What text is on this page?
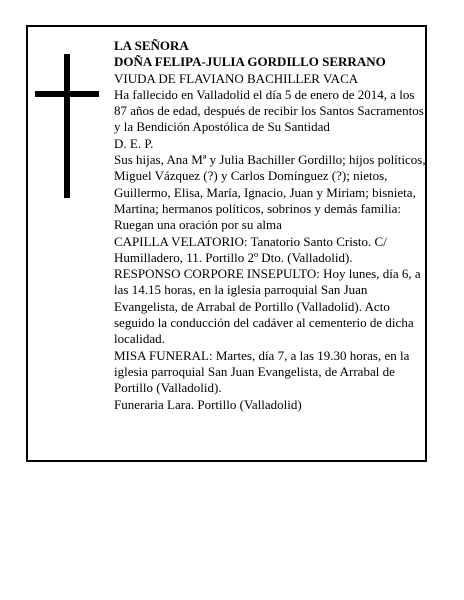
LA SEÑORA

DOÑA FELIPA-JULIA GORDILLO SERRANO

VIUDA DE FLAVIANO BACHILLER VACA

Ha fallecido en Valladolid el día 5 de enero de 2014, a los 87 años de edad, después de recibir los Santos Sacramentos y la Bendición Apostólica de Su Santidad

D. E. P.

Sus hijas, Ana Mª y Julia Bachiller Gordillo; hijos políticos, Miguel Vázquez (?) y Carlos Domínguez (?); nietos, Guillermo, Elisa, María, Ignacio, Juan y Miriam; bisnieta, Martina; hermanos políticos, sobrinos y demás familia:

Ruegan una oración por su alma

CAPILLA VELATORIO: Tanatorio Santo Cristo. C/ Humilladero, 11. Portillo 2º Dto. (Valladolid).

RESPONSO CORPORE INSEPULTO: Hoy lunes, día 6, a las 14.15 horas, en la iglesia parroquial San Juan Evangelista, de Arrabal de Portillo (Valladolid). Acto seguido la conducción del cadáver al cementerio de dicha localidad.

MISA FUNERAL: Martes, día 7, a las 19.30 horas, en la iglesia parroquial San Juan Evangelista, de Arrabal de Portillo (Valladolid).

Funeraria Lara. Portillo (Valladolid)
